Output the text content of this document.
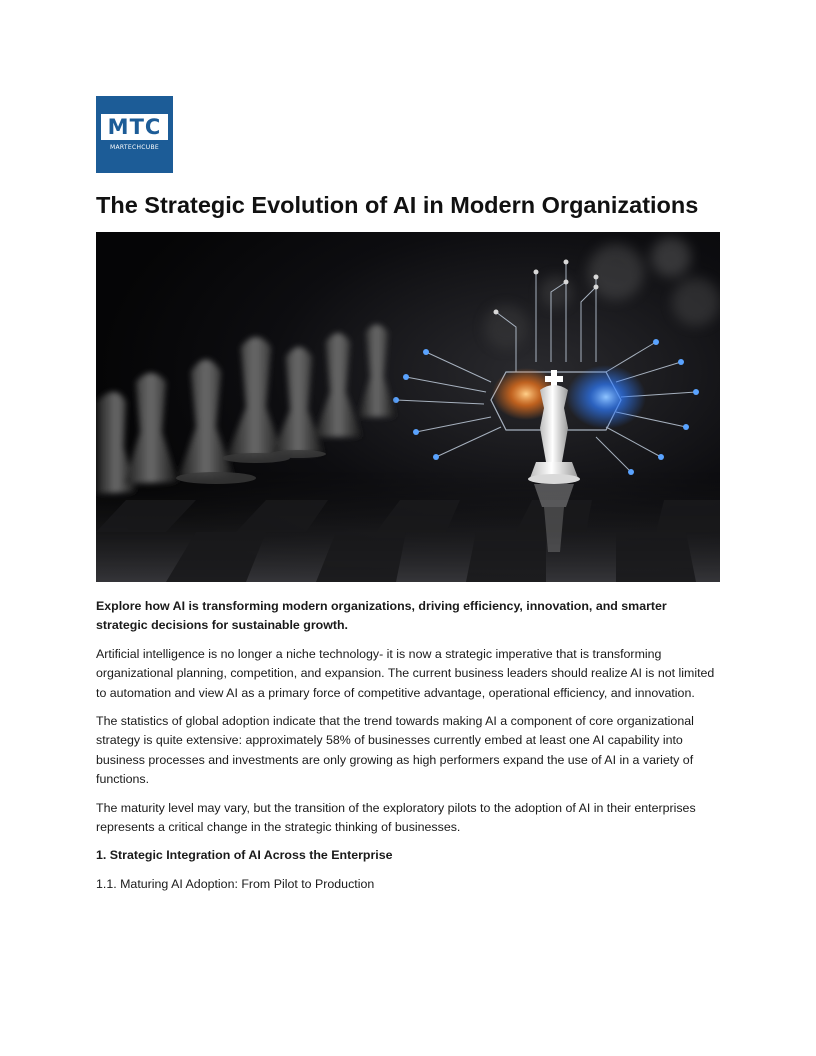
MTC
MARTECHCUBE
The Strategic Evolution of AI in Modern Organizations

Explore how AI is transforming modern organizations, driving efficiency, innovation, and smarter strategic decisions for sustainable growth.

Artificial intelligence is no longer a niche technology- it is now a strategic imperative that is transforming organizational planning, competition, and expansion. The current business leaders should realize AI is not limited to automation and view AI as a primary force of competitive advantage, operational efficiency, and innovation.

The statistics of global adoption indicate that the trend towards making AI a component of core organizational strategy is quite extensive: approximately 58% of businesses currently embed at least one AI capability into business processes and investments are only growing as high performers expand the use of AI in a variety of functions.

The maturity level may vary, but the transition of the exploratory pilots to the adoption of AI in their enterprises represents a critical change in the strategic thinking of businesses.

1. Strategic Integration of AI Across the Enterprise

1.1. Maturing AI Adoption: From Pilot to Production
